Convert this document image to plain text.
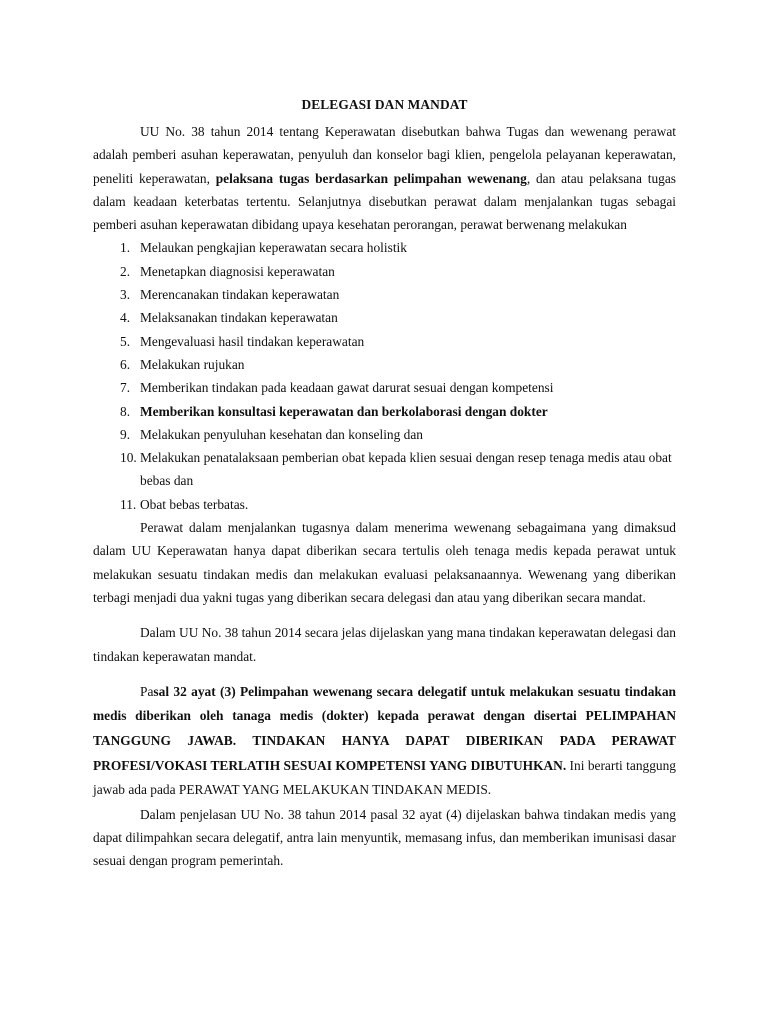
DELEGASI DAN MANDAT

UU No. 38 tahun 2014 tentang Keperawatan disebutkan bahwa Tugas dan wewenang perawat adalah pemberi asuhan keperawatan, penyuluh dan konselor bagi klien, pengelola pelayanan keperawatan, peneliti keperawatan, pelaksana tugas berdasarkan pelimpahan wewenang, dan atau pelaksana tugas dalam keadaan keterbatas tertentu. Selanjutnya disebutkan perawat dalam menjalankan tugas sebagai pemberi asuhan keperawatan dibidang upaya kesehatan perorangan, perawat berwenang melakukan

1. Melaukan pengkajian keperawatan secara holistik
2. Menetapkan diagnosisi keperawatan
3. Merencanakan tindakan keperawatan
4. Melaksanakan tindakan keperawatan
5. Mengevaluasi hasil tindakan keperawatan
6. Melakukan rujukan
7. Memberikan tindakan pada keadaan gawat darurat sesuai dengan kompetensi
8. Memberikan konsultasi keperawatan dan berkolaborasi dengan dokter
9. Melakukan penyuluhan kesehatan dan konseling dan
10. Melakukan penatalaksaan pemberian obat kepada klien sesuai dengan resep tenaga medis atau obat bebas dan
11. Obat bebas terbatas.

Perawat dalam menjalankan tugasnya dalam menerima wewenang sebagaimana yang dimaksud dalam UU Keperawatan hanya dapat diberikan secara tertulis oleh tenaga medis kepada perawat untuk melakukan sesuatu tindakan medis dan melakukan evaluasi pelaksanaannya. Wewenang yang diberikan terbagi menjadi dua yakni tugas yang diberikan secara delegasi dan atau yang diberikan secara mandat.

Dalam UU No. 38 tahun 2014 secara jelas dijelaskan yang mana tindakan keperawatan delegasi dan tindakan keperawatan mandat.

Pasal 32 ayat (3) Pelimpahan wewenang secara delegatif untuk melakukan sesuatu tindakan medis diberikan oleh tanaga medis (dokter) kepada perawat dengan disertai PELIMPAHAN TANGGUNG JAWAB. TINDAKAN HANYA DAPAT DIBERIKAN PADA PERAWAT PROFESI/VOKASI TERLATIH SESUAI KOMPETENSI YANG DIBUTUHKAN. Ini berarti tanggung jawab ada pada PERAWAT YANG MELAKUKAN TINDAKAN MEDIS.

Dalam penjelasan UU No. 38 tahun 2014 pasal 32 ayat (4) dijelaskan bahwa tindakan medis yang dapat dilimpahkan secara delegatif, antra lain menyuntik, memasang infus, dan memberikan imunisasi dasar sesuai dengan program pemerintah.
